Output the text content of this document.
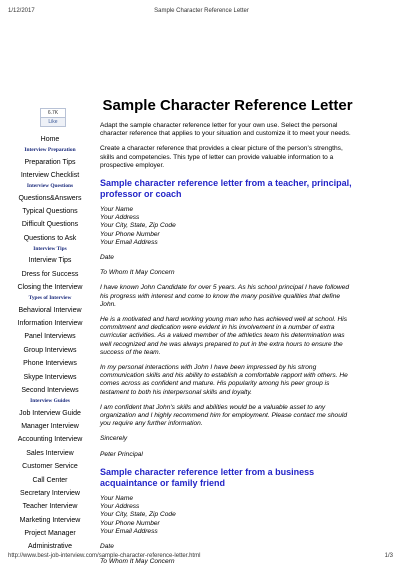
1/12/2017	Sample Character Reference Letter
6.7K
Like
Home
Interview Preparation
Preparation Tips
Interview Checklist
Interview Questions
Questions&Answers
Typical Questions
Difficult Questions
Questions to Ask
Interview Tips
Interview Tips
Dress for Success
Closing the Interview
Types of Interview
Behavioral Interview
Information Interview
Panel Interviews
Group Interviews
Phone Interviews
Skype Interviews
Second Interviews
Interview Guides
Job Interview Guide
Manager Interview
Accounting Interview
Sales Interview
Customer Service
Call Center
Secretary Interview
Teacher Interview
Marketing Interview
Project Manager
Administrative
Sample Character Reference Letter

Adapt the sample character reference letter for your own use. Select the personal character reference that applies to your situation and customize it to meet your needs.

Create a character reference that provides a clear picture of the person's strengths, skills and competencies. This type of letter can provide valuable information to a prospective employer.

Sample character reference letter from a teacher, principal, professor or coach
Your Name
Your Address
Your City, State, Zip Code
Your Phone Number
Your Email Address

Date

To Whom It May Concern

I have known John Candidate for over 5 years. As his school principal I have followed his progress with interest and come to know the many positive qualities that define John.

He is a motivated and hard working young man who has achieved well at school. His commitment and dedication were evident in his involvement in a number of extra curricular activities. As a valued member of the athletics team his determination was well recognized and he was always prepared to put in the extra hours to ensure the success of the team.

In my personal interactions with John I have been impressed by his strong communication skills and his ability to establish a comfortable rapport with others. He comes across as confident and mature. His popularity among his peer group is testament to both his interpersonal skills and loyalty.

I am confident that John's skills and abilities would be a valuable asset to any organization and I highly recommend him for employment. Please contact me should you require any further information.

Sincerely

Peter Principal

Sample character reference letter from a business acquaintance or family friend
Your Name
Your Address
Your City, State, Zip Code
Your Phone Number
Your Email Address

Date

To Whom It May Concern

http://www.best-job-interview.com/sample-character-reference-letter.html	1/3
